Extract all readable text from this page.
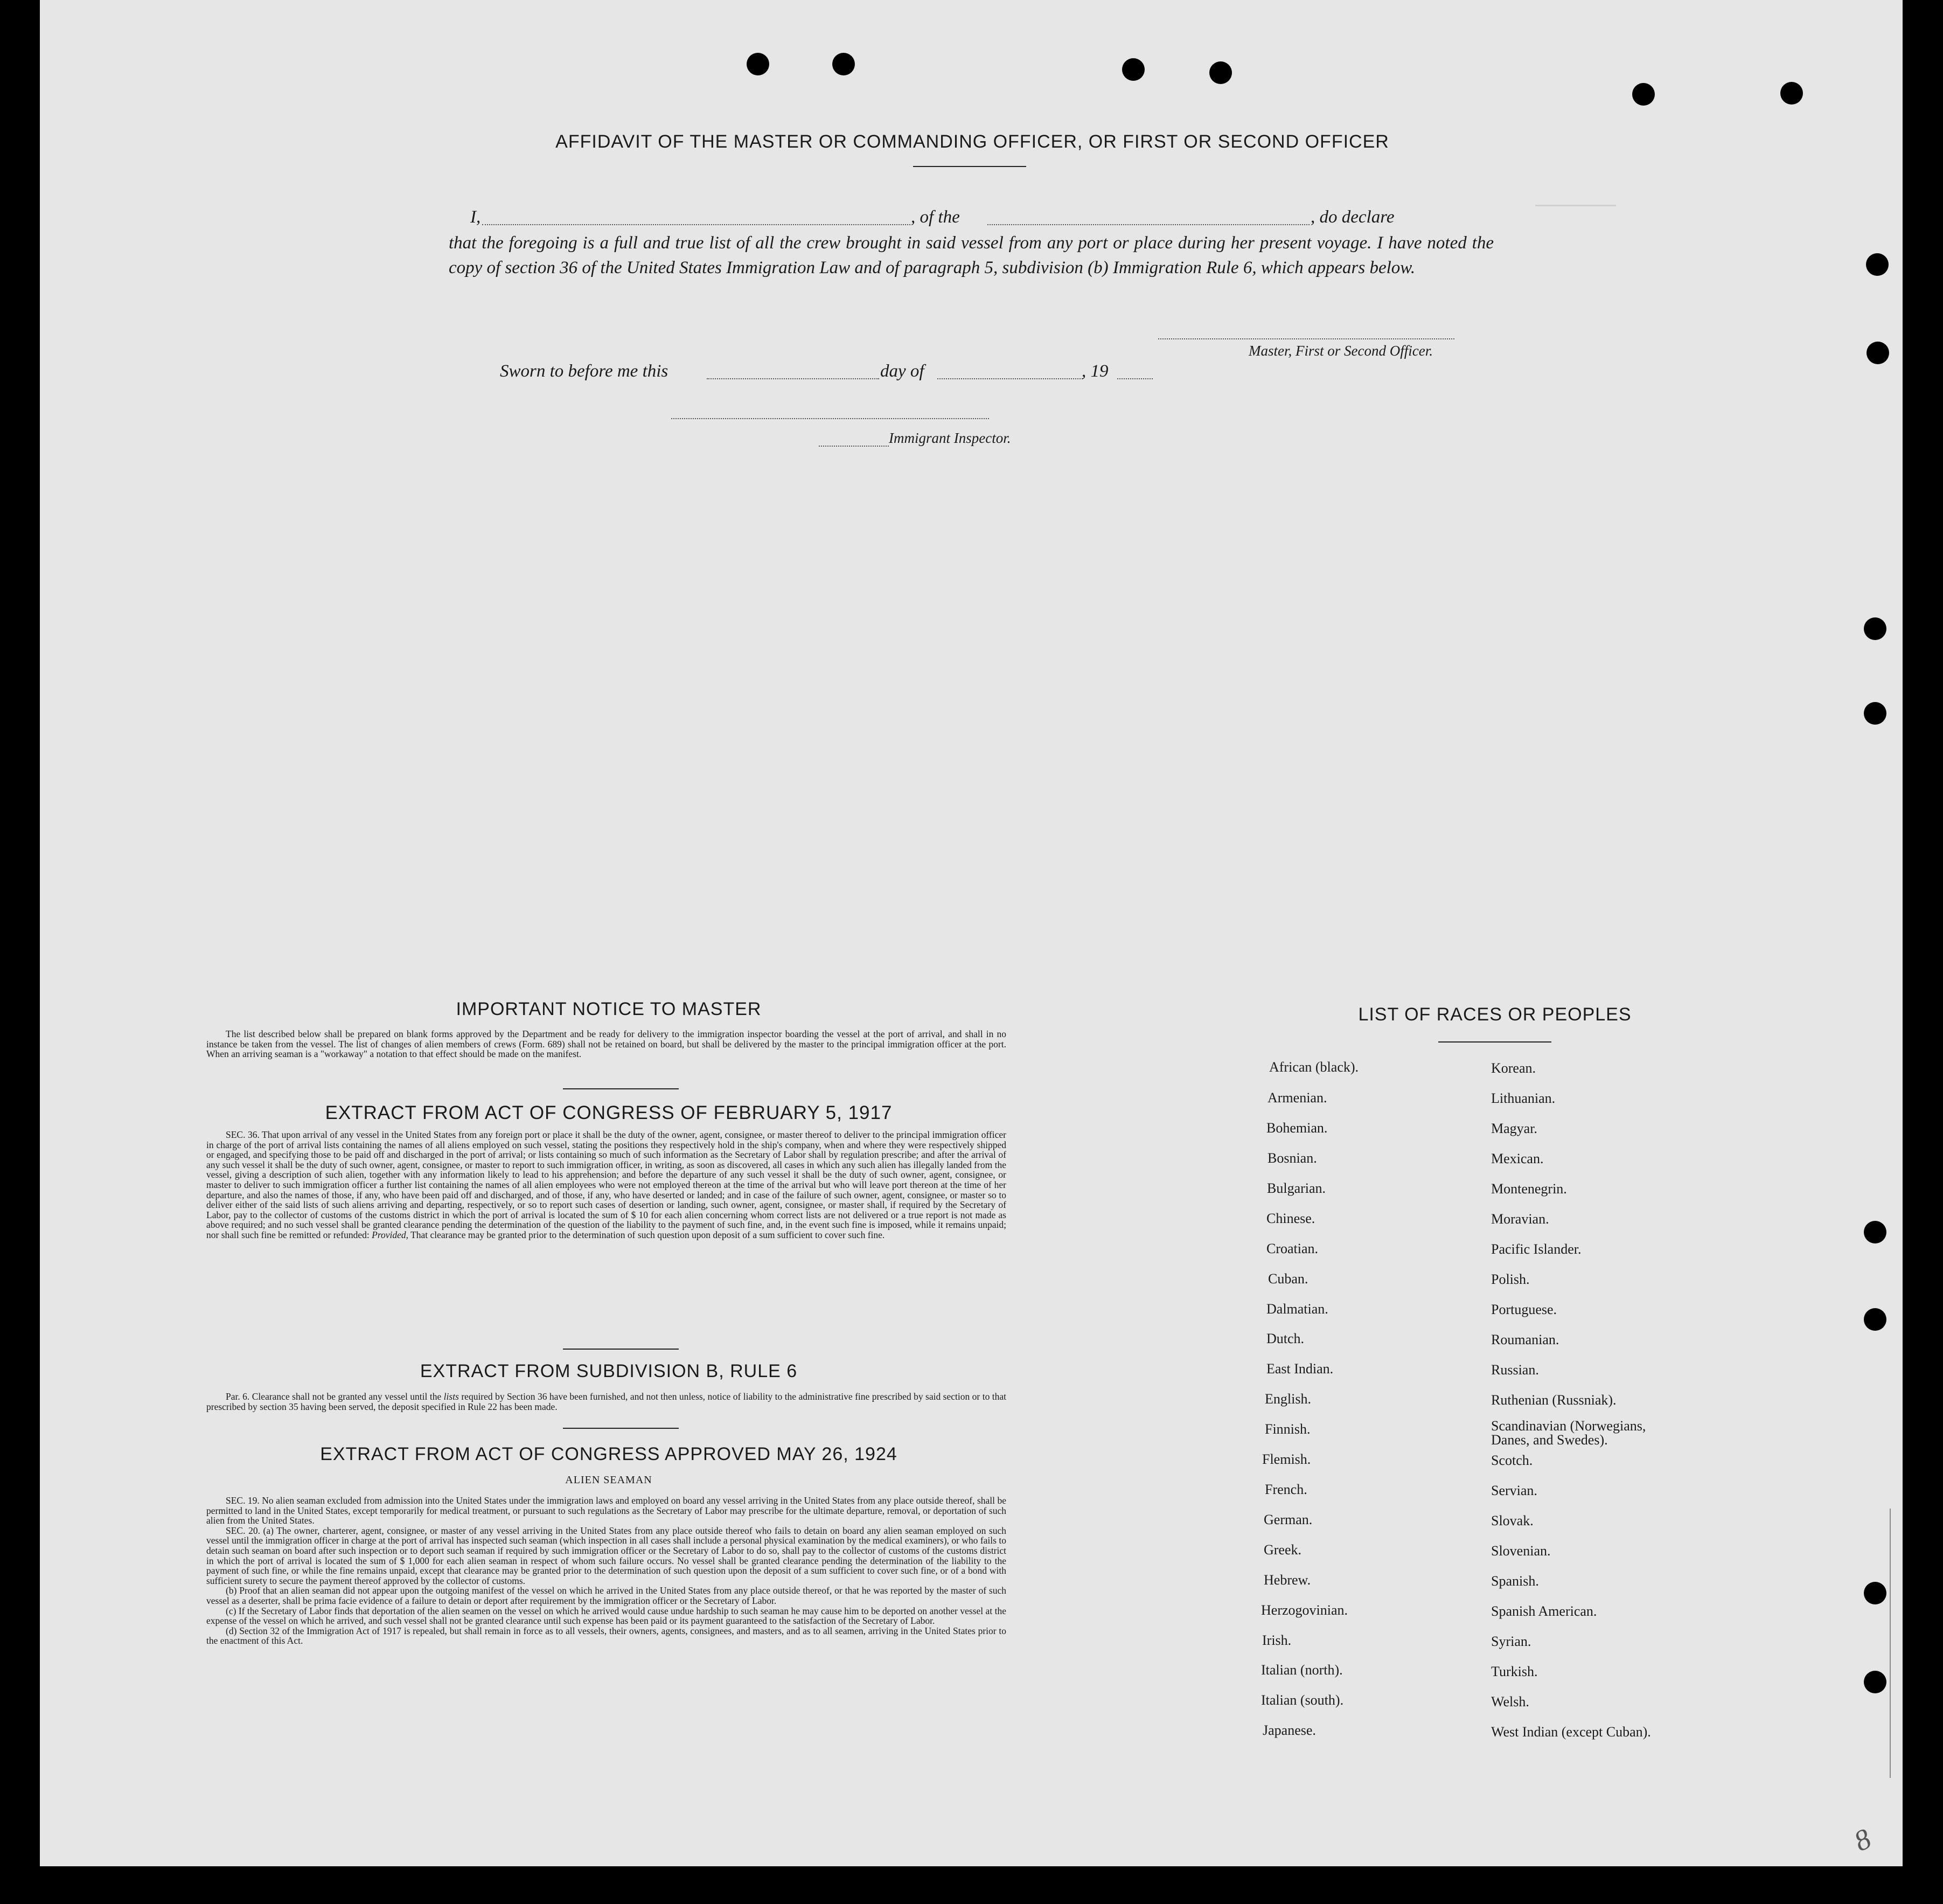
AFFIDAVIT OF THE MASTER OR COMMANDING OFFICER, OR FIRST OR SECOND OFFICER
I,	, of the	, do declare
that the foregoing is a full and true list of all the crew brought in said vessel from any port or place during her present voyage. I have noted the copy of section 36 of the United States Immigration Law and of paragraph 5, subdivision (b) Immigration Rule 6, which appears below.
Master, First or Second Officer.
Sworn to before me this	day of	, 19
Immigrant Inspector.
IMPORTANT NOTICE TO MASTER

The list described below shall be prepared on blank forms approved by the Department and be ready for delivery to the immigration inspector boarding the vessel at the port of arrival, and shall in no instance be taken from the vessel. The list of changes of alien members of crews (Form. 689) shall not be retained on board, but shall be delivered by the master to the principal immigration officer at the port. When an arriving seaman is a "workaway" a notation to that effect should be made on the manifest.

EXTRACT FROM ACT OF CONGRESS OF FEBRUARY 5, 1917

SEC. 36. That upon arrival of any vessel in the United States from any foreign port or place it shall be the duty of the owner, agent, consignee, or master thereof to deliver to the principal immigration officer in charge of the port of arrival lists containing the names of all aliens employed on such vessel, stating the positions they respectively hold in the ship's company, when and where they were respectively shipped or engaged, and specifying those to be paid off and discharged in the port of arrival; or lists containing so much of such information as the Secretary of Labor shall by regulation prescribe; and after the arrival of any such vessel it shall be the duty of such owner, agent, consignee, or master to report to such immigration officer, in writing, as soon as discovered, all cases in which any such alien has illegally landed from the vessel, giving a description of such alien, together with any information likely to lead to his apprehension; and before the departure of any such vessel it shall be the duty of such owner, agent, consignee, or master to deliver to such immigration officer a further list containing the names of all alien employees who were not employed thereon at the time of the arrival but who will leave port thereon at the time of her departure, and also the names of those, if any, who have been paid off and discharged, and of those, if any, who have deserted or landed; and in case of the failure of such owner, agent, consignee, or master so to deliver either of the said lists of such aliens arriving and departing, respectively, or so to report such cases of desertion or landing, such owner, agent, consignee, or master shall, if required by the Secretary of Labor, pay to the collector of customs of the customs district in which the port of arrival is located the sum of $ 10 for each alien concerning whom correct lists are not delivered or a true report is not made as above required; and no such vessel shall be granted clearance pending the determination of the question of the liability to the payment of such fine, and, in the event such fine is imposed, while it remains unpaid; nor shall such fine be remitted or refunded: Provided, That clearance may be granted prior to the determination of such question upon deposit of a sum sufficient to cover such fine.

EXTRACT FROM SUBDIVISION B, RULE 6

Par. 6. Clearance shall not be granted any vessel until the lists required by Section 36 have been furnished, and not then unless, notice of liability to the administrative fine prescribed by said section or to that prescribed by section 35 having been served, the deposit specified in Rule 22 has been made.

EXTRACT FROM ACT OF CONGRESS APPROVED MAY 26, 1924
ALIEN SEAMAN

SEC. 19. No alien seaman excluded from admission into the United States under the immigration laws and employed on board any vessel arriving in the United States from any place outside thereof, shall be permitted to land in the United States, except temporarily for medical treatment, or pursuant to such regulations as the Secretary of Labor may prescribe for the ultimate departure, removal, or deportation of such alien from the United States.

SEC. 20. (a) The owner, charterer, agent, consignee, or master of any vessel arriving in the United States from any place outside thereof who fails to detain on board any alien seaman employed on such vessel until the immigration officer in charge at the port of arrival has inspected such seaman (which inspection in all cases shall include a personal physical examination by the medical examiners), or who fails to detain such seaman on board after such inspection or to deport such seaman if required by such immigration officer or the Secretary of Labor to do so, shall pay to the collector of customs of the customs district in which the port of arrival is located the sum of $ 1,000 for each alien seaman in respect of whom such failure occurs. No vessel shall be granted clearance pending the determination of the liability to the payment of such fine, or while the fine remains unpaid, except that clearance may be granted prior to the determination of such question upon the deposit of a sum sufficient to cover such fine, or of a bond with sufficient surety to secure the payment thereof approved by the collector of customs.

(b) Proof that an alien seaman did not appear upon the outgoing manifest of the vessel on which he arrived in the United States from any place outside thereof, or that he was reported by the master of such vessel as a deserter, shall be prima facie evidence of a failure to detain or deport after requirement by the immigration officer or the Secretary of Labor.

(c) If the Secretary of Labor finds that deportation of the alien seamen on the vessel on which he arrived would cause undue hardship to such seaman he may cause him to be deported on another vessel at the expense of the vessel on which he arrived, and such vessel shall not be granted clearance until such expense has been paid or its payment guaranteed to the satisfaction of the Secretary of Labor.

(d) Section 32 of the Immigration Act of 1917 is repealed, but shall remain in force as to all vessels, their owners, agents, consignees, and masters, and as to all seamen, arriving in the United States prior to the enactment of this Act.

LIST OF RACES OR PEOPLES
African (black).
Armenian.
Bohemian.
Bosnian.
Bulgarian.
Chinese.
Croatian.
Cuban.
Dalmatian.
Dutch.
East Indian.
English.
Finnish.
Flemish.
French.
German.
Greek.
Hebrew.
Herzogovinian.
Irish.
Italian (north).
Italian (south).
Japanese.
Korean.
Lithuanian.
Magyar.
Mexican.
Montenegrin.
Moravian.
Pacific Islander.
Polish.
Portuguese.
Roumanian.
Russian.
Ruthenian (Russniak).
Scandinavian (Norwegians, Danes, and Swedes).
Scotch.
Servian.
Slovak.
Slovenian.
Spanish.
Spanish American.
Syrian.
Turkish.
Welsh.
West Indian (except Cuban).
8
